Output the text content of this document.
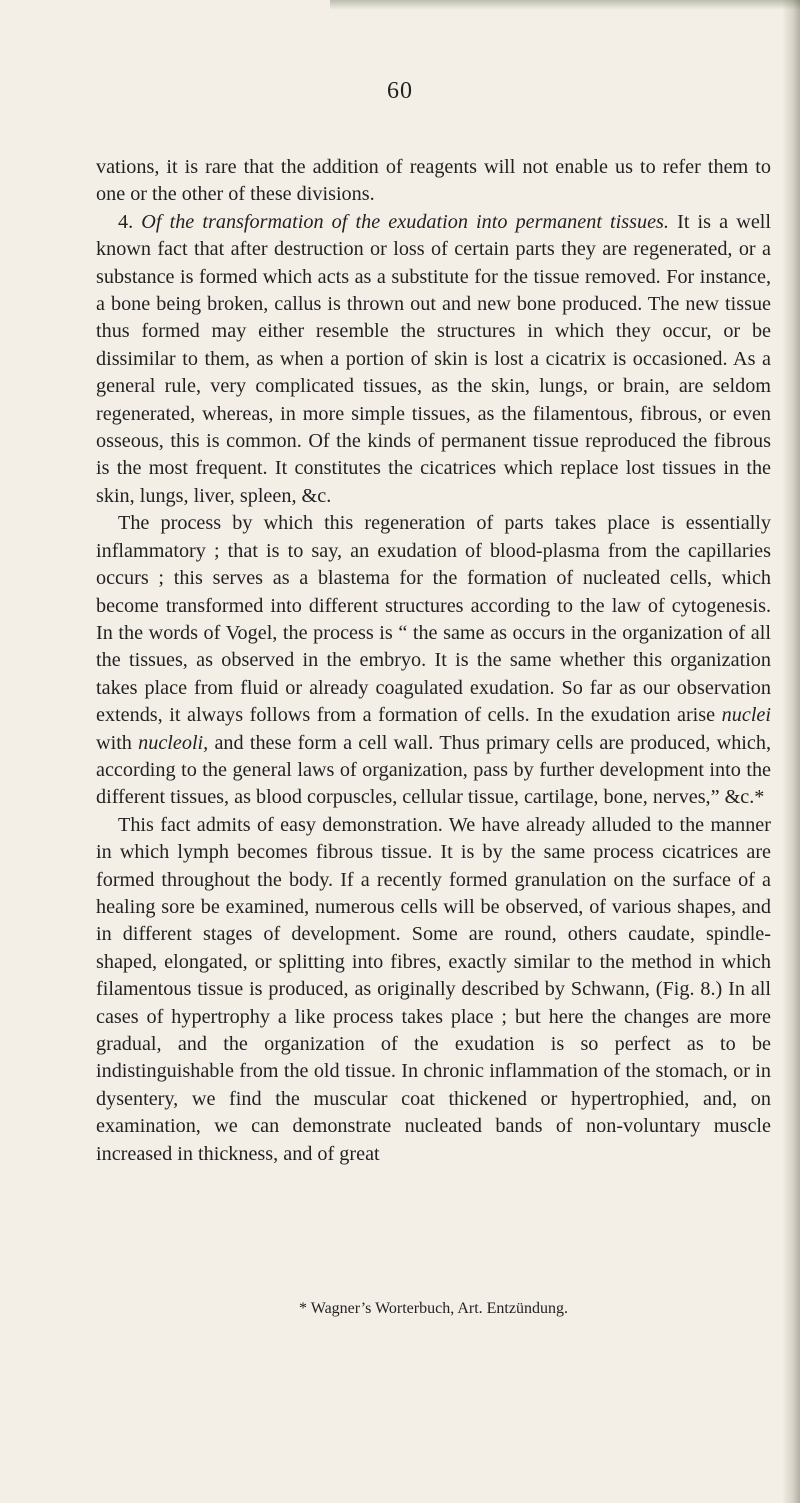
60

vations, it is rare that the addition of reagents will not enable us to refer them to one or the other of these divisions.

4. Of the transformation of the exudation into permanent tissues. It is a well known fact that after destruction or loss of certain parts they are regenerated, or a substance is formed which acts as a substitute for the tissue removed. For instance, a bone being broken, callus is thrown out and new bone produced. The new tissue thus formed may either resemble the structures in which they occur, or be dissimilar to them, as when a portion of skin is lost a cicatrix is occasioned. As a general rule, very complicated tissues, as the skin, lungs, or brain, are seldom regenerated, whereas, in more simple tissues, as the filamentous, fibrous, or even osseous, this is common. Of the kinds of permanent tissue reproduced the fibrous is the most frequent. It constitutes the cicatrices which replace lost tissues in the skin, lungs, liver, spleen, &c.

The process by which this regeneration of parts takes place is essentially inflammatory ; that is to say, an exudation of blood-plasma from the capillaries occurs ; this serves as a blastema for the formation of nucleated cells, which become transformed into different structures according to the law of cytogenesis. In the words of Vogel, the process is “ the same as occurs in the organization of all the tissues, as observed in the embryo. It is the same whether this organization takes place from fluid or already coagulated exudation. So far as our observation extends, it always follows from a formation of cells. In the exudation arise nuclei with nucleoli, and these form a cell wall. Thus primary cells are produced, which, according to the general laws of organization, pass by further development into the different tissues, as blood corpuscles, cellular tissue, cartilage, bone, nerves,” &c.*

This fact admits of easy demonstration. We have already alluded to the manner in which lymph becomes fibrous tissue. It is by the same process cicatrices are formed throughout the body. If a recently formed granulation on the surface of a healing sore be examined, numerous cells will be observed, of various shapes, and in different stages of development. Some are round, others caudate, spindle-shaped, elongated, or splitting into fibres, exactly similar to the method in which filamentous tissue is produced, as originally described by Schwann, (Fig. 8.) In all cases of hypertrophy a like process takes place ; but here the changes are more gradual, and the organization of the exudation is so perfect as to be indistinguishable from the old tissue. In chronic inflammation of the stomach, or in dysentery, we find the muscular coat thickened or hypertrophied, and, on examination, we can demonstrate nucleated bands of non-voluntary muscle increased in thickness, and of great

* Wagner’s Worterbuch, Art. Entzündung.
